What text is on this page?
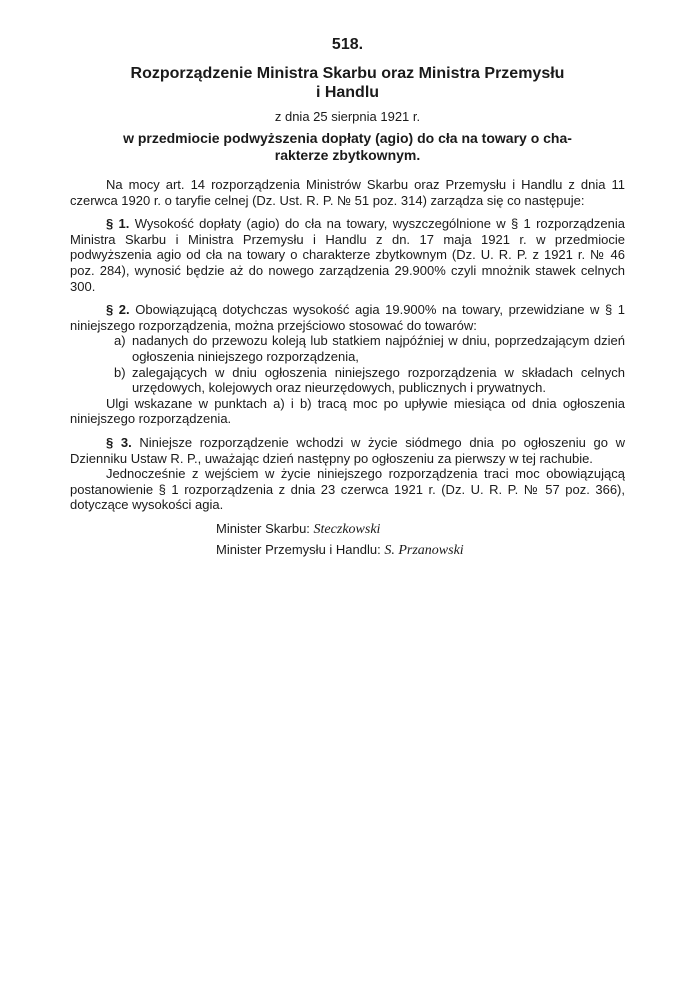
518.
Rozporządzenie Ministra Skarbu oraz Ministra Przemysłu
i Handlu
z dnia 25 sierpnia 1921 r.
w przedmiocie podwyższenia dopłaty (agio) do cła na towary o cha-
rakterze zbytkownym.

Na mocy art. 14 rozporządzenia Ministrów Skarbu oraz Przemysłu i Handlu z dnia 11 czerwca 1920 r. o taryfie celnej (Dz. Ust. R. P. № 51 poz. 314) zarządza się co następuje:

§ 1. Wysokość dopłaty (agio) do cła na towary, wyszczególnione w § 1 rozporządzenia Ministra Skarbu i Ministra Przemysłu i Handlu z dn. 17 maja 1921 r. w przedmiocie podwyższenia agio od cła na towary o charakterze zbytkownym (Dz. U. R. P. z 1921 r. № 46 poz. 284), wynosić będzie aż do nowego zarządzenia 29.900% czyli mnożnik stawek celnych 300.

§ 2. Obowiązującą dotychczas wysokość agia 19.900% na towary, przewidziane w § 1 niniejszego rozporządzenia, można przejściowo stosować do towarów:

a) nadanych do przewozu koleją lub statkiem najpóźniej w dniu, poprzedzającym dzień ogłoszenia niniejszego rozporządzenia,
b) zalegających w dniu ogłoszenia niniejszego rozporządzenia w składach celnych urzędowych, kolejowych oraz nieurzędowych, publicznych i prywatnych.

Ulgi wskazane w punktach a) i b) tracą moc po upływie miesiąca od dnia ogłoszenia niniejszego rozporządzenia.

§ 3. Niniejsze rozporządzenie wchodzi w życie siódmego dnia po ogłoszeniu go w Dzienniku Ustaw R. P., uważając dzień następny po ogłoszeniu za pierwszy w tej rachubie.

Jednocześnie z wejściem w życie niniejszego rozporządzenia traci moc obowiązującą postanowienie § 1 rozporządzenia z dnia 23 czerwca 1921 r. (Dz. U. R. P. № 57 poz. 366), dotyczące wysokości agia.

Minister Skarbu: Steczkowski
Minister Przemysłu i Handlu: S. Przanowski
